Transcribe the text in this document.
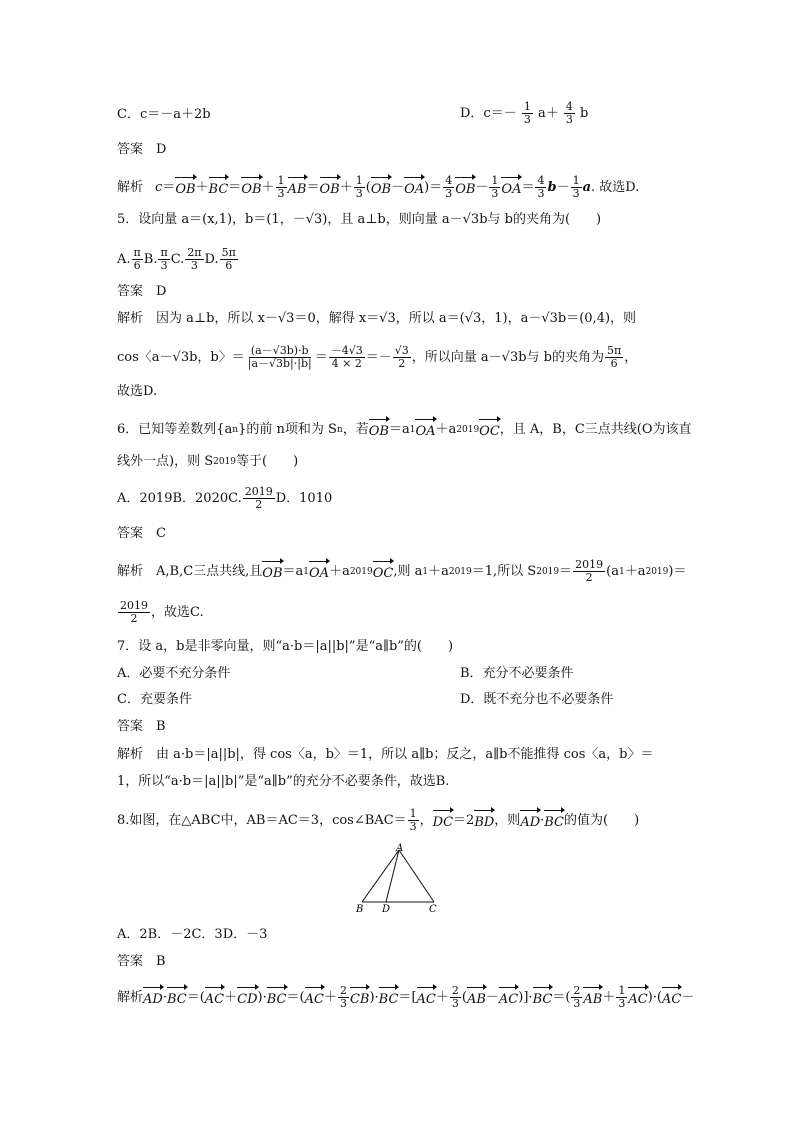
C．c＝－a＋2b	D．$c=- \frac{1}{3} a+ \frac{4}{3}$ b
答案　D
解析 c ＝ OB ＋ BC ＝ OB ＋ $\frac{1}{3}$ AB ＝ OB ＋ $\frac{1}{3}$ ( OB － OA )＝ $\frac{4}{3}$ OB － $\frac{1}{3}$ OA ＝ $\frac{4}{3}$ $b - \frac{1}{3}$ a . 故选D.
5．设向量 a＝(x,1)，b＝(1，－√3)，且 a⊥b，则向量 a－√3b与 b的夹角为(　　)
A. $\frac{\pi}{6} B$. $\frac{\pi}{3} C$. $\frac{2\pi}{3} D$. $\frac{5\pi}{6}$
答案　D
解析　因为 a⊥b，所以 x－√3＝0，解得 x＝√3，所以 a＝(√3，1)，a－√3b＝(0,4)，则
cos〈a－√3b，b〉＝ $\frac{(a-√3b)\cdot b}{|a-√3b|\cdot|b|} = \frac{-4√3}{4 \times 2} =- \frac{√3}{2}$ ，所以向量 a－√3b与 b的夹角为 $\frac{5\pi}{6}$ ，
故选D.
6．已知等差数列{a n }的前 n项和为 S n ，若 OB ＝a 1 OA ＋a 2019 OC ，且 A，B，C三点共线(O为该直
线外一点)，则 S 2019 等于(　　)
A．2019B．2020C. $\frac{2019}{2}$ D．1010
答案　C
解析　A,B,C三点共线,且 OB ＝a 1 OA ＋a 2019 OC ,则 a 1 ＋a 2019 ＝1,所以 S $2019 = \frac{2019}{2} (a$ 1 ＋a 2019 )＝
$\frac{2019}{2}$ ，故选C.
7．设 a，b是非零向量，则“a·b＝|a||b|”是“a∥b”的(　　)
A．必要不充分条件	B．充分不必要条件
C．充要条件	D．既不充分也不必要条件
答案　B
解析　由 a·b＝|a||b|，得 cos〈a，b〉＝1，所以 a∥b；反之，a∥b不能推得 cos〈a，b〉＝
1，所以“a·b＝|a||b|”是“a∥b”的充分不必要条件，故选B.
8.如图，在△ABC中，AB＝AC＝3，cos∠BAC＝ $\frac{1}{3}$ ， DC ＝2 BD ，则 AD · BC 的值为(　　)
A
B D	C
A．2B．－2C．3D．－3
答案　B
解析 AD · BC ＝( AC ＋ CD )· BC ＝ ( AC ＋ $\frac{2}{3}$ CB ) · BC ＝ [ AC ＋ $\frac{2}{3}$ ( AB － AC ) ] · BC ＝ ( $\frac{2}{3}$ AB ＋ $\frac{1}{3}$ AC ) ·( AC －
